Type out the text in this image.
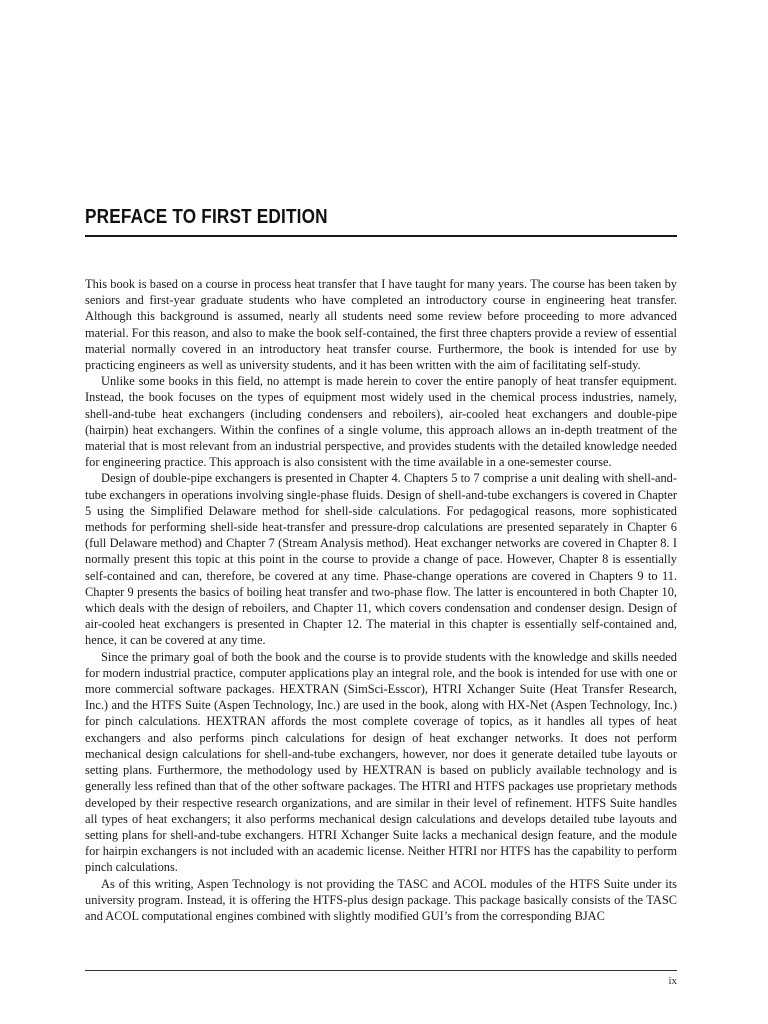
PREFACE TO FIRST EDITION

This book is based on a course in process heat transfer that I have taught for many years. The course has been taken by seniors and first-year graduate students who have completed an introductory course in engineering heat transfer. Although this background is assumed, nearly all students need some review before proceeding to more advanced material. For this reason, and also to make the book self-contained, the first three chapters provide a review of essential material normally covered in an introductory heat transfer course. Furthermore, the book is intended for use by practicing engineers as well as university students, and it has been written with the aim of facilitating self-study.

Unlike some books in this field, no attempt is made herein to cover the entire panoply of heat transfer equipment. Instead, the book focuses on the types of equipment most widely used in the chemical process industries, namely, shell-and-tube heat exchangers (including condensers and reboilers), air-cooled heat exchangers and double-pipe (hairpin) heat exchangers. Within the confines of a single volume, this approach allows an in-depth treatment of the material that is most relevant from an industrial perspective, and provides students with the detailed knowledge needed for engineering practice. This approach is also consistent with the time available in a one-semester course.

Design of double-pipe exchangers is presented in Chapter 4. Chapters 5 to 7 comprise a unit dealing with shell-and-tube exchangers in operations involving single-phase fluids. Design of shell-and-tube exchangers is covered in Chapter 5 using the Simplified Delaware method for shell-side calculations. For pedagogical reasons, more sophisticated methods for performing shell-side heat-transfer and pressure-drop calculations are presented separately in Chapter 6 (full Delaware method) and Chapter 7 (Stream Analysis method). Heat exchanger networks are covered in Chapter 8. I normally present this topic at this point in the course to provide a change of pace. However, Chapter 8 is essentially self-contained and can, therefore, be covered at any time. Phase-change operations are covered in Chapters 9 to 11. Chapter 9 presents the basics of boiling heat transfer and two-phase flow. The latter is encountered in both Chapter 10, which deals with the design of reboilers, and Chapter 11, which covers condensation and condenser design. Design of air-cooled heat exchangers is presented in Chapter 12. The material in this chapter is essentially self-contained and, hence, it can be covered at any time.

Since the primary goal of both the book and the course is to provide students with the knowledge and skills needed for modern industrial practice, computer applications play an integral role, and the book is intended for use with one or more commercial software packages. HEXTRAN (SimSci-Esscor), HTRI Xchanger Suite (Heat Transfer Research, Inc.) and the HTFS Suite (Aspen Technology, Inc.) are used in the book, along with HX-Net (Aspen Technology, Inc.) for pinch calculations. HEXTRAN affords the most complete coverage of topics, as it handles all types of heat exchangers and also performs pinch calculations for design of heat exchanger networks. It does not perform mechanical design calculations for shell-and-tube exchangers, however, nor does it generate detailed tube layouts or setting plans. Furthermore, the methodology used by HEXTRAN is based on publicly available technology and is generally less refined than that of the other software packages. The HTRI and HTFS packages use proprietary methods developed by their respective research organizations, and are similar in their level of refinement. HTFS Suite handles all types of heat exchangers; it also performs mechanical design calculations and develops detailed tube layouts and setting plans for shell-and-tube exchangers. HTRI Xchanger Suite lacks a mechanical design feature, and the module for hairpin exchangers is not included with an academic license. Neither HTRI nor HTFS has the capability to perform pinch calculations.

As of this writing, Aspen Technology is not providing the TASC and ACOL modules of the HTFS Suite under its university program. Instead, it is offering the HTFS-plus design package. This package basically consists of the TASC and ACOL computational engines combined with slightly modified GUI’s from the corresponding BJAC

ix
